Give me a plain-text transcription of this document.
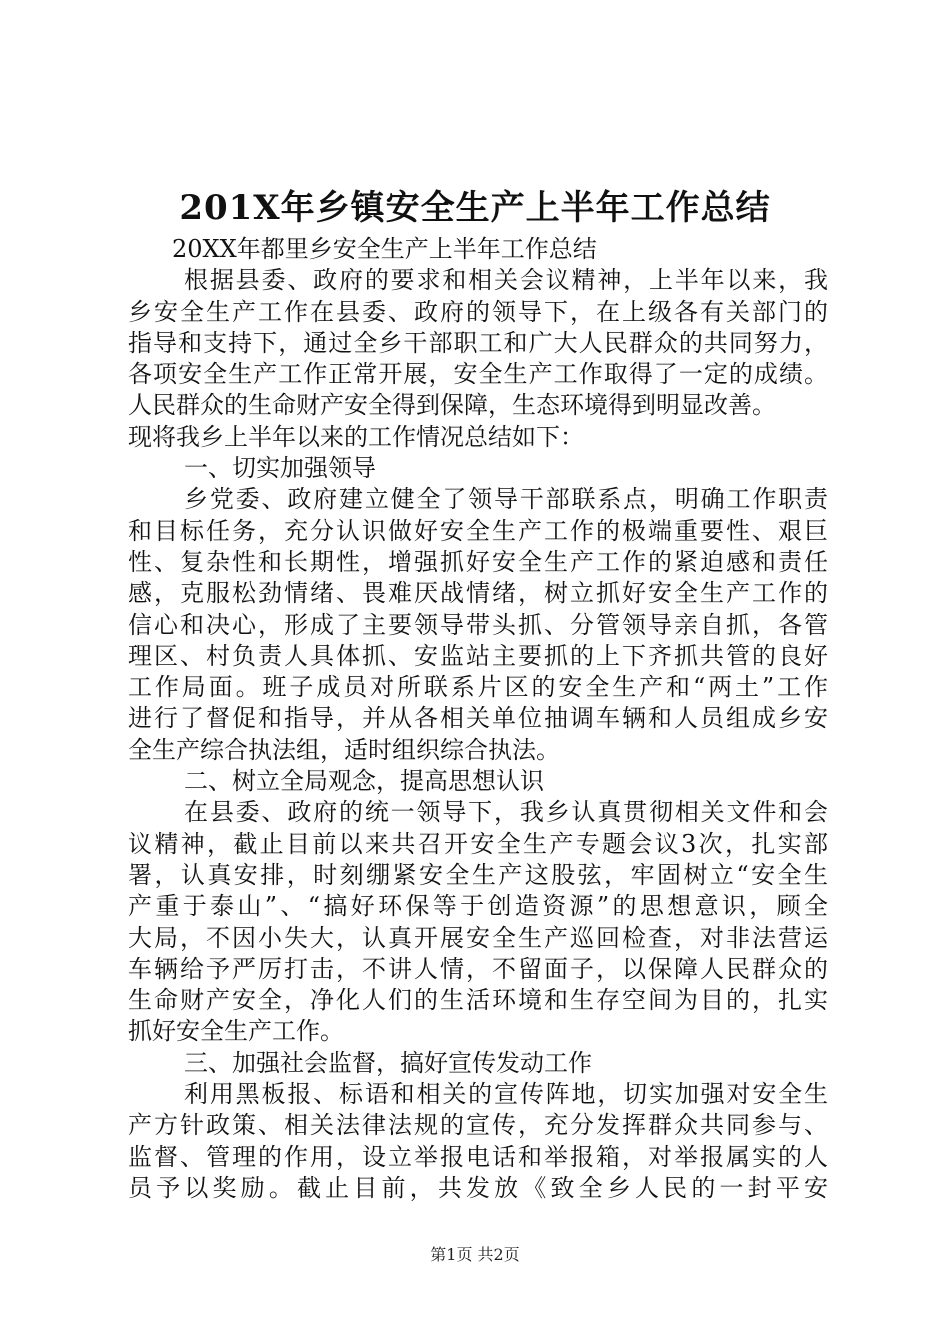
201X年乡镇安全生产上半年工作总结
20XX年都里乡安全生产上半年工作总结
根据县委、政府的要求和相关会议精神，上半年以来，我
乡安全生产工作在县委、政府的领导下，在上级各有关部门的
指导和支持下，通过全乡干部职工和广大人民群众的共同努力，
各项安全生产工作正常开展，安全生产工作取得了一定的成绩。
人民群众的生命财产安全得到保障，生态环境得到明显改善。
现将我乡上半年以来的工作情况总结如下：
一、切实加强领导
乡党委、政府建立健全了领导干部联系点，明确工作职责
和目标任务，充分认识做好安全生产工作的极端重要性、艰巨
性、复杂性和长期性，增强抓好安全生产工作的紧迫感和责任
感，克服松劲情绪、畏难厌战情绪，树立抓好安全生产工作的
信心和决心，形成了主要领导带头抓、分管领导亲自抓，各管
理区、村负责人具体抓、安监站主要抓的上下齐抓共管的良好
工作局面。班子成员对所联系片区的安全生产和“两土”工作
进行了督促和指导，并从各相关单位抽调车辆和人员组成乡安
全生产综合执法组，适时组织综合执法。
二、树立全局观念，提高思想认识
在县委、政府的统一领导下，我乡认真贯彻相关文件和会
议精神，截止目前以来共召开安全生产专题会议3次，扎实部
署，认真安排，时刻绷紧安全生产这股弦，牢固树立“安全生
产重于泰山”、“搞好环保等于创造资源”的思想意识，顾全
大局，不因小失大，认真开展安全生产巡回检查，对非法营运
车辆给予严厉打击，不讲人情，不留面子，以保障人民群众的
生命财产安全，净化人们的生活环境和生存空间为目的，扎实
抓好安全生产工作。
三、加强社会监督，搞好宣传发动工作
利用黑板报、标语和相关的宣传阵地，切实加强对安全生
产方针政策、相关法律法规的宣传，充分发挥群众共同参与、
监督、管理的作用，设立举报电话和举报箱，对举报属实的人
员予以奖励。截止目前，共发放《致全乡人民的一封平安
第1页 共2页
